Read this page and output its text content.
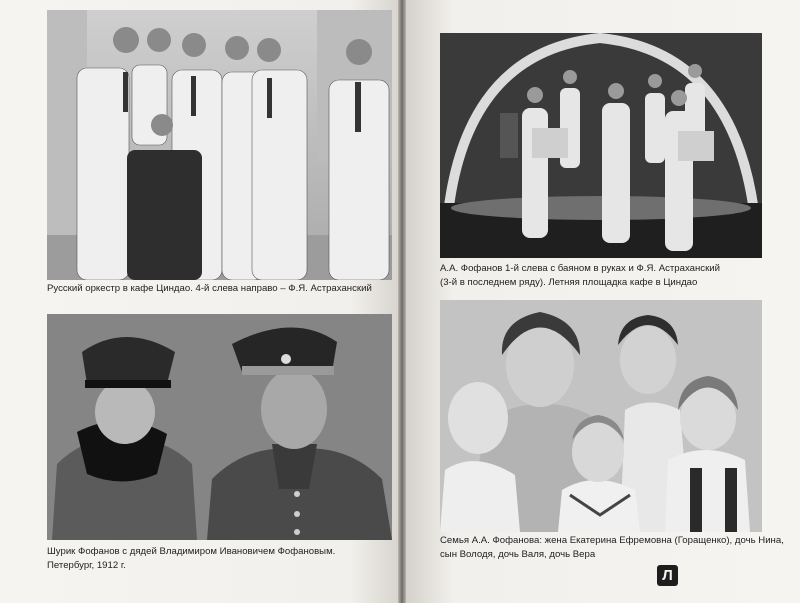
Русский оркестр в кафе Циндао. 4-й слева направо – Ф.Я. Астраханский
Шурик Фофанов с дядей Владимиром Ивановичем Фофановым.
Петербург, 1912 г.
А.А. Фофанов 1-й слева с баяном в руках и Ф.Я. Астраханский
(3-й в последнем ряду). Летняя площадка кафе в Циндао
Семья А.А. Фофанова: жена Екатерина Ефремовна (Горащенко), дочь Нина,
сын Володя, дочь Валя, дочь Вера
Л
